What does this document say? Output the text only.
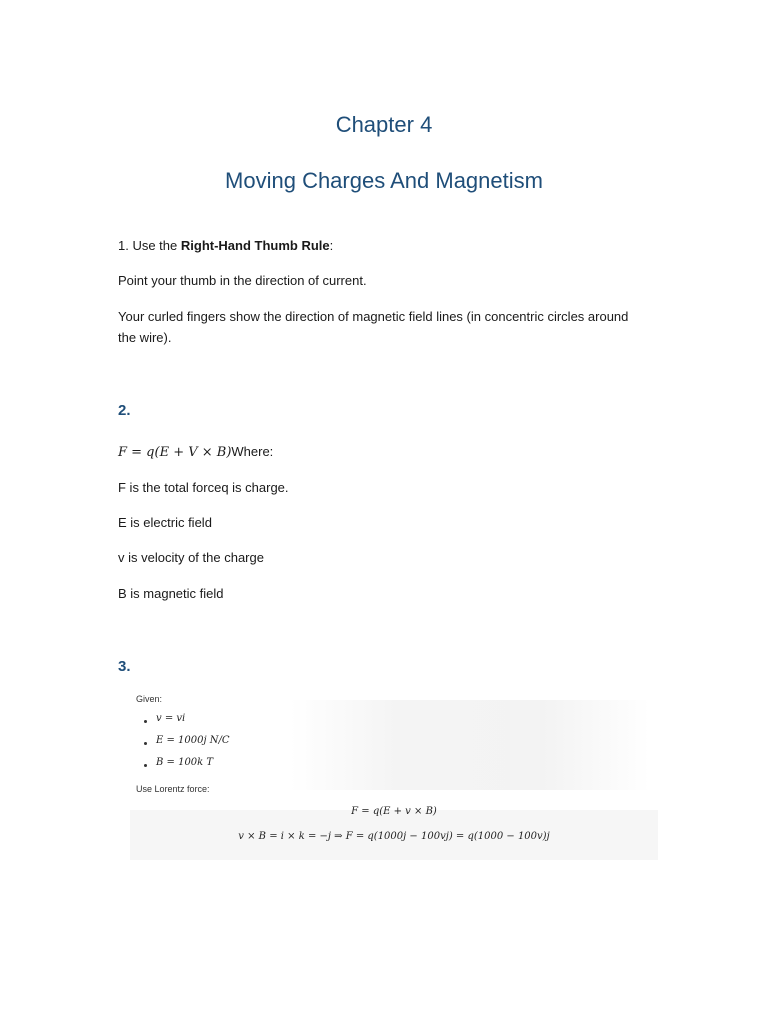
Chapter 4
Moving Charges And Magnetism
1. Use the Right-Hand Thumb Rule:
Point your thumb in the direction of current.
Your curled fingers show the direction of magnetic field lines (in concentric circles around the wire).
2.
F = q(E + V × B)Where:
F is the total forceq is charge.
E is electric field
v is velocity of the charge
B is magnetic field
3.
Given:
v = vi
E = 1000j N/C
B = 100k T
Use Lorentz force:
F = q(E + v × B)
v × B = i × k = −j ⇒ F = q(1000j − 100vj) = q(1000 − 100v)j
